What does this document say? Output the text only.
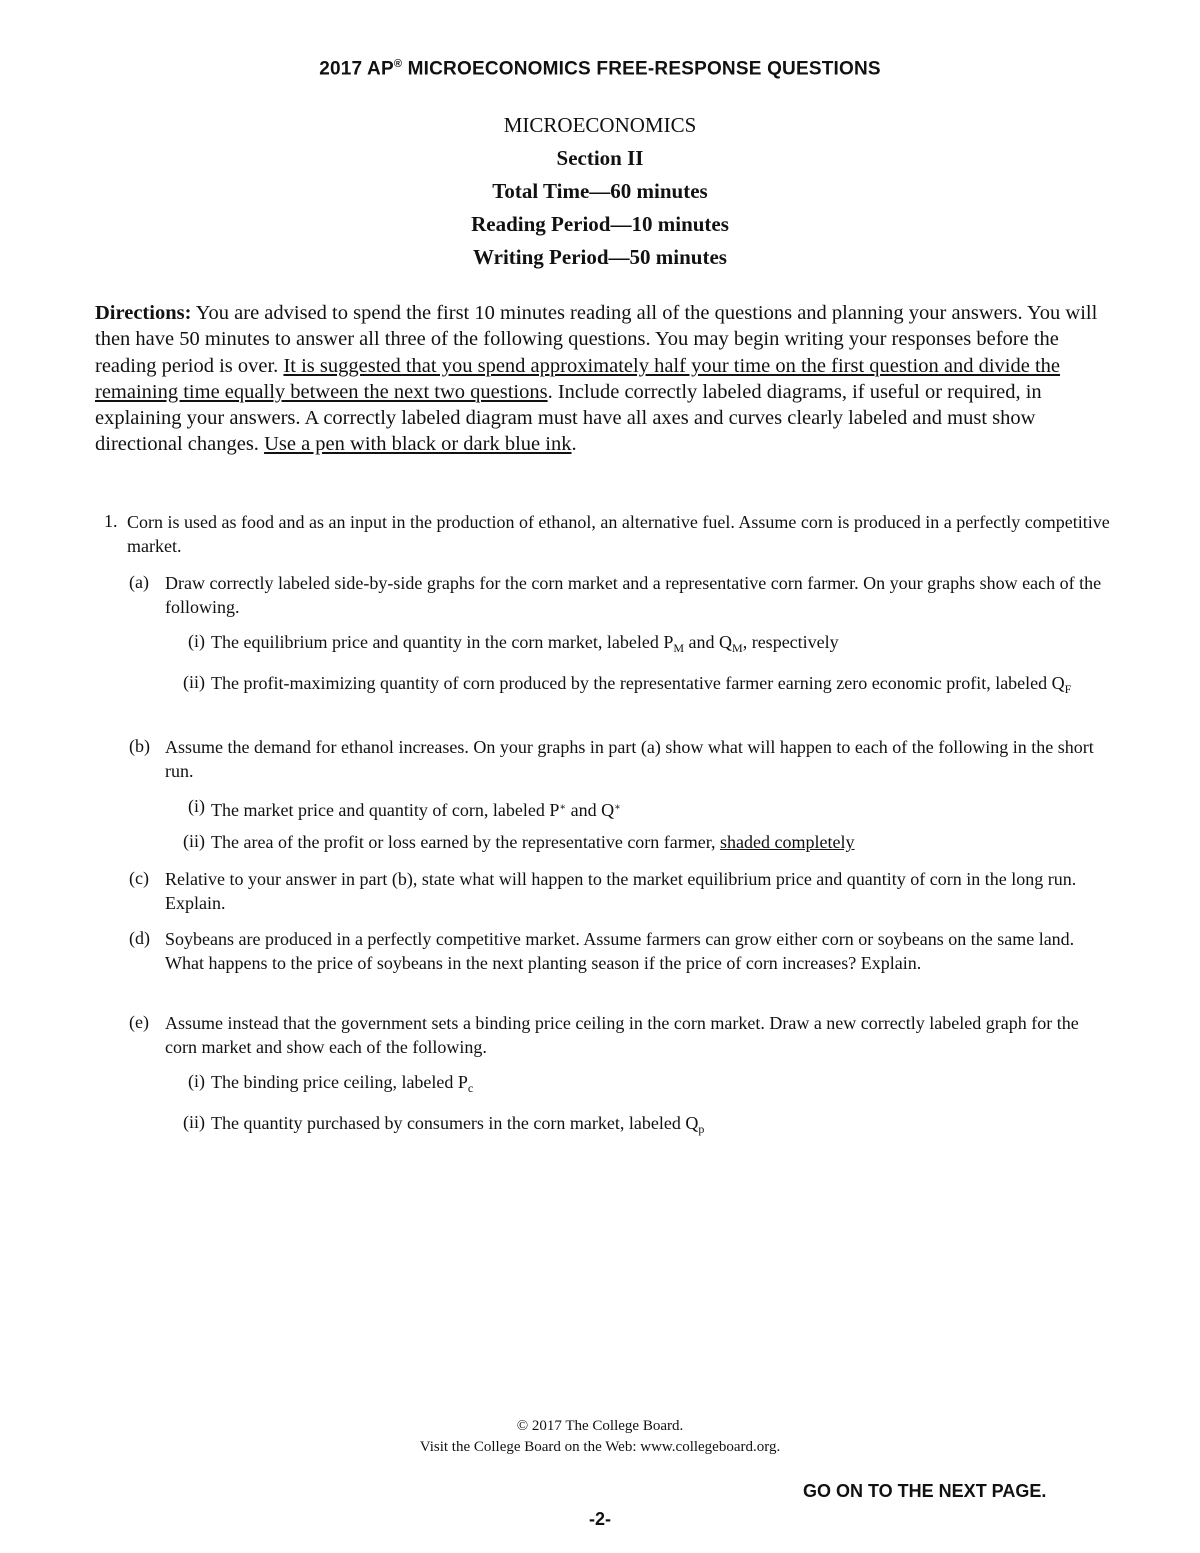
2017 AP® MICROECONOMICS FREE-RESPONSE QUESTIONS
MICROECONOMICS
Section II
Total Time—60 minutes
Reading Period—10 minutes
Writing Period—50 minutes
Directions: You are advised to spend the first 10 minutes reading all of the questions and planning your answers. You will then have 50 minutes to answer all three of the following questions. You may begin writing your responses before the reading period is over. It is suggested that you spend approximately half your time on the first question and divide the remaining time equally between the next two questions. Include correctly labeled diagrams, if useful or required, in explaining your answers. A correctly labeled diagram must have all axes and curves clearly labeled and must show directional changes. Use a pen with black or dark blue ink.
1. Corn is used as food and as an input in the production of ethanol, an alternative fuel. Assume corn is produced in a perfectly competitive market.
(a) Draw correctly labeled side-by-side graphs for the corn market and a representative corn farmer. On your graphs show each of the following.
(i) The equilibrium price and quantity in the corn market, labeled $P_M$ and $Q_M$, respectively
(ii) The profit-maximizing quantity of corn produced by the representative farmer earning zero economic profit, labeled $Q_F$
(b) Assume the demand for ethanol increases. On your graphs in part (a) show what will happen to each of the following in the short run.
(i) The market price and quantity of corn, labeled P∗ and Q∗
(ii) The area of the profit or loss earned by the representative corn farmer, shaded completely
(c) Relative to your answer in part (b), state what will happen to the market equilibrium price and quantity of corn in the long run. Explain.
(d) Soybeans are produced in a perfectly competitive market. Assume farmers can grow either corn or soybeans on the same land. What happens to the price of soybeans in the next planting season if the price of corn increases? Explain.
(e) Assume instead that the government sets a binding price ceiling in the corn market. Draw a new correctly labeled graph for the corn market and show each of the following.
(i) The binding price ceiling, labeled $P_c$
(ii) The quantity purchased by consumers in the corn market, labeled $Q_p$
© 2017 The College Board.
Visit the College Board on the Web: www.collegeboard.org.
GO ON TO THE NEXT PAGE.
-2-
